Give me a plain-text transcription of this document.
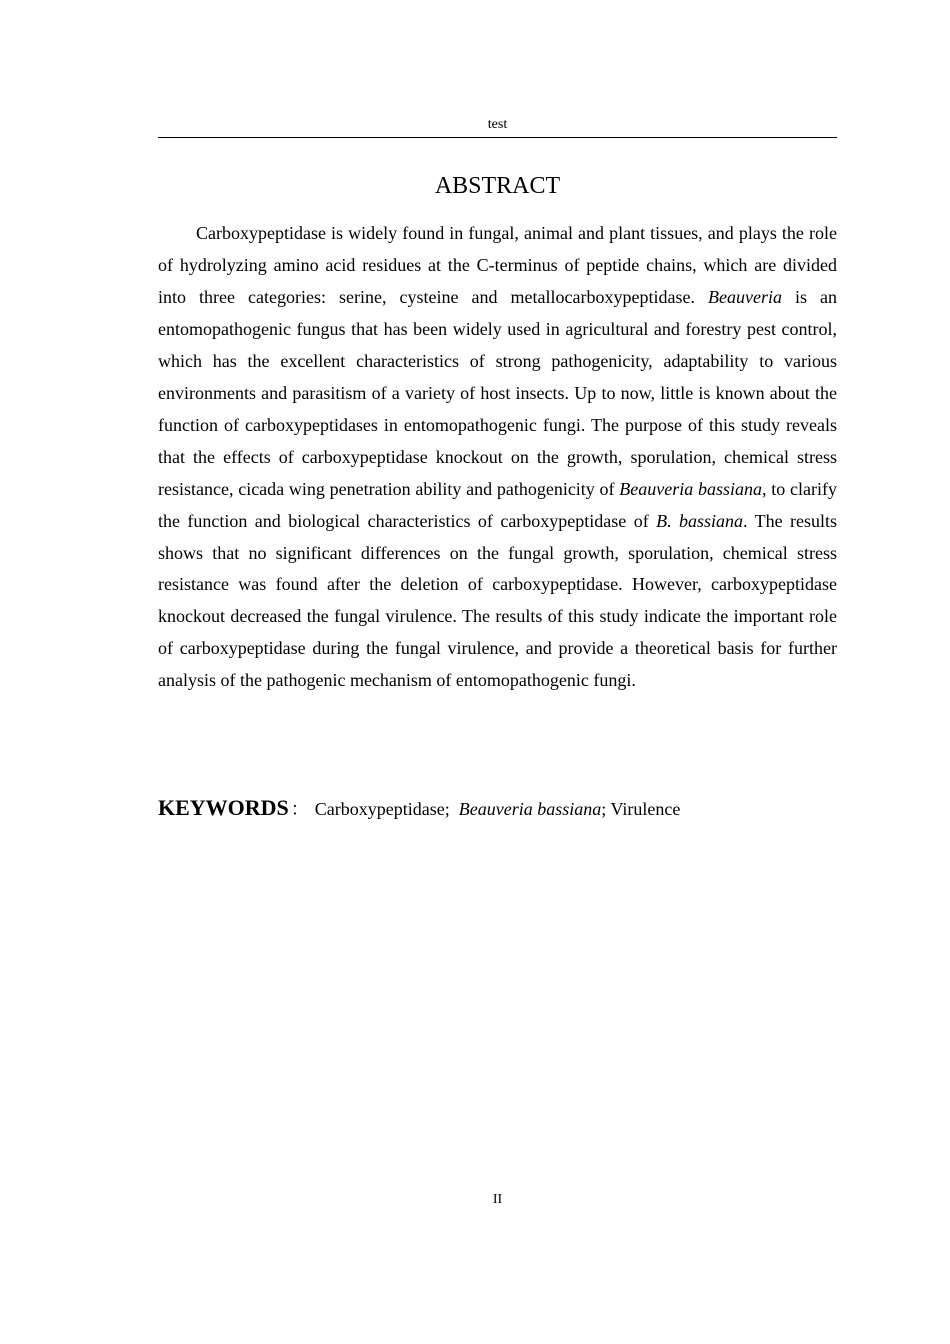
test
ABSTRACT

Carboxypeptidase is widely found in fungal, animal and plant tissues, and plays the role of hydrolyzing amino acid residues at the C-terminus of peptide chains, which are divided into three categories: serine, cysteine and metallocarboxypeptidase. Beauveria is an entomopathogenic fungus that has been widely used in agricultural and forestry pest control, which has the excellent characteristics of strong pathogenicity, adaptability to various environments and parasitism of a variety of host insects. Up to now, little is known about the function of carboxypeptidases in entomopathogenic fungi. The purpose of this study reveals that the effects of carboxypeptidase knockout on the growth, sporulation, chemical stress resistance, cicada wing penetration ability and pathogenicity of Beauveria bassiana, to clarify the function and biological characteristics of carboxypeptidase of B. bassiana. The results shows that no significant differences on the fungal growth, sporulation, chemical stress resistance was found after the deletion of carboxypeptidase. However, carboxypeptidase knockout decreased the fungal virulence. The results of this study indicate the important role of carboxypeptidase during the fungal virulence, and provide a theoretical basis for further analysis of the pathogenic mechanism of entomopathogenic fungi.

KEYWORDS ： Carboxypeptidase;  Beauveria bassiana; Virulence
II
